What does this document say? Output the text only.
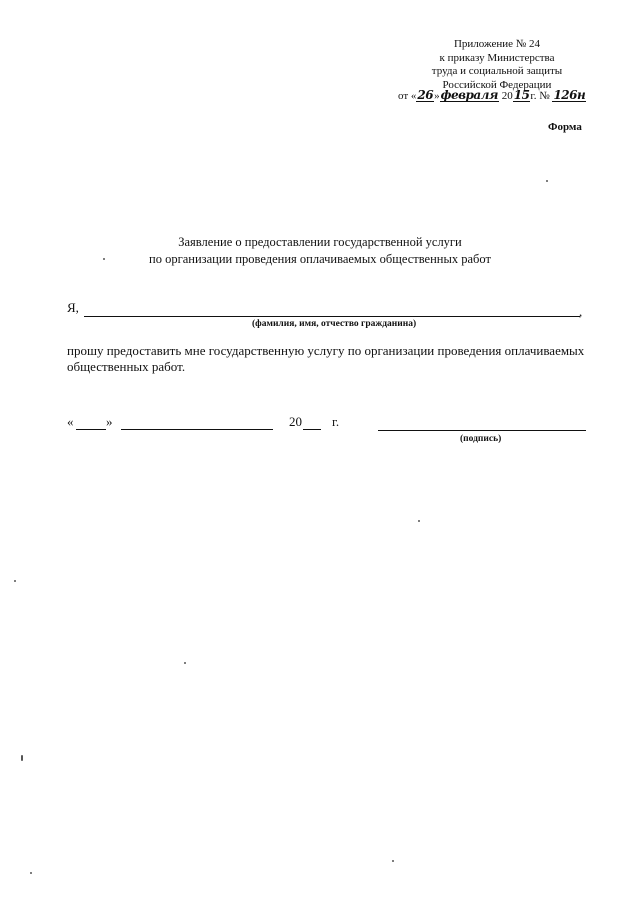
Приложение № 24
к приказу Министерства
труда и социальной защиты
Российской Федерации
от «26»февраля 2015г. № 126н
Форма
Заявление о предоставлении государственной услуги
по организации проведения оплачиваемых общественных работ
Я,	,
(фамилия, имя, отчество гражданина)
прошу предоставить мне государственную услугу по организации проведения оплачиваемых общественных работ.
«	»	20 г.
(подпись)
